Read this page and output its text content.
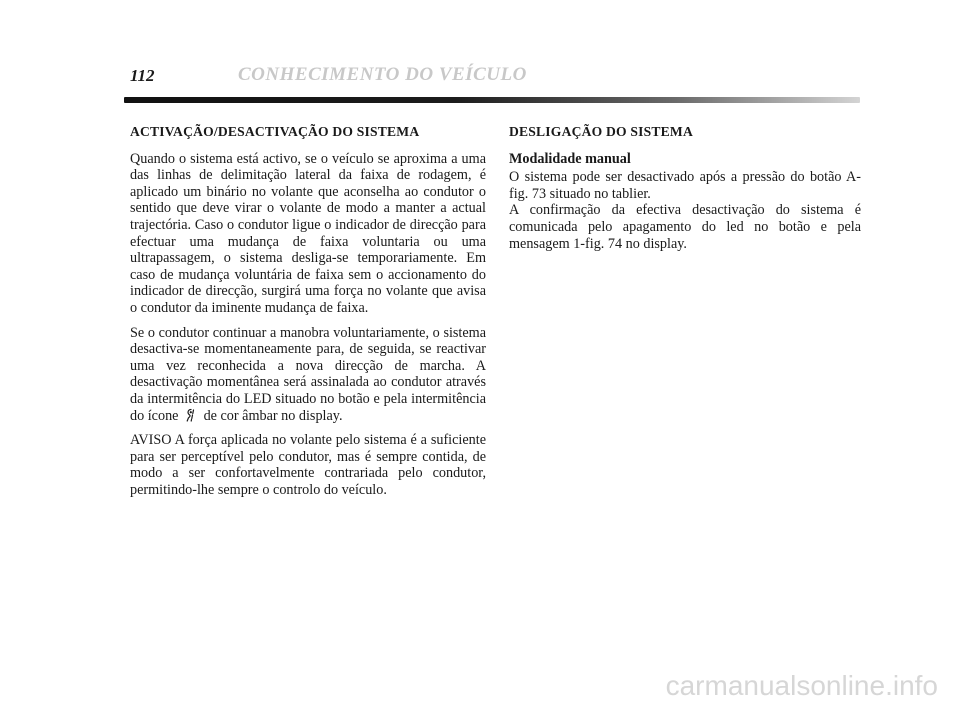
112	CONHECIMENTO DO VEÍCULO
ACTIVAÇÃO/DESACTIVAÇÃO DO SISTEMA

Quando o sistema está activo, se o veículo se aproxima a uma das linhas de delimitação lateral da faixa de rodagem, é aplicado um binário no volante que aconselha ao condutor o sentido que deve virar o volante de modo a manter a actual trajectória. Caso o condutor ligue o indicador de direcção para efectuar uma mudança de faixa voluntaria ou uma ultrapassagem, o sistema desliga-se temporariamente. Em caso de mudança voluntária de faixa sem o accionamento do indicador de direcção, surgirá uma força no volante que avisa o condutor da iminente mudança de faixa.

Se o condutor continuar a manobra voluntariamente, o sistema desactiva-se momentaneamente para, de seguida, se reactivar uma vez reconhecida a nova direcção de marcha. A desactivação momentânea será assinalada ao condutor através da intermitência do LED situado no botão e pela intermitência do ícone de cor âmbar no display.

AVISO A força aplicada no volante pelo sistema é a suficiente para ser perceptível pelo condutor, mas é sempre contida, de modo a ser confortavelmente contrariada pelo condutor, permitindo-lhe sempre o controlo do veículo.

DESLIGAÇÃO DO SISTEMA
Modalidade manual

O sistema pode ser desactivado após a pressão do botão A-fig. 73 situado no tablier.

A confirmação da efectiva desactivação do sistema é comunicada pelo apagamento do led no botão e pela mensagem 1-fig. 74 no display.

carmanualsonline.info
